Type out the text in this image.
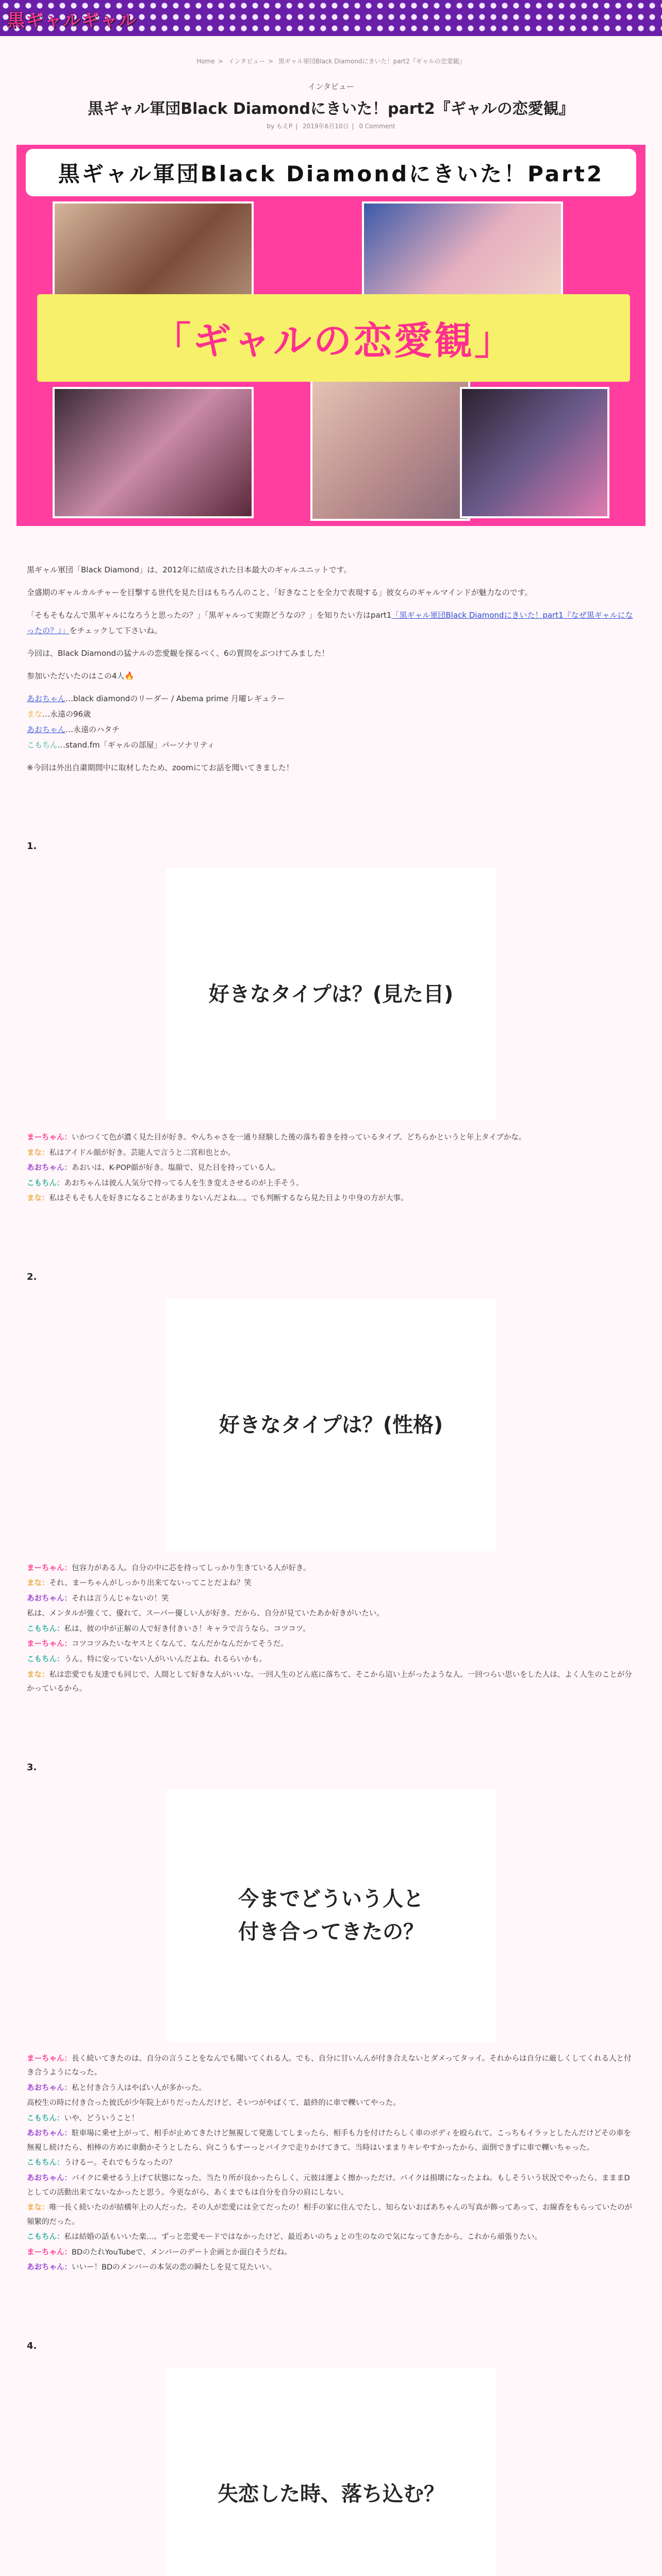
黒ギャルギャル
Home > インタビュー > 黒ギャル軍団Black Diamondにきいた！part2『ギャルの恋愛観』
インタビュー
黒ギャル軍団Black Diamondにきいた！part2『ギャルの恋愛観』
by もえP | 2019年6月10日 | 0 Comment
黒ギャル軍団Black Diamondにきいた！Part2
「ギャルの恋愛観」

黒ギャル軍団「Black Diamond」は、2012年に結成された日本最大のギャルユニットです。

全盛期のギャルカルチャーを目撃する世代を見た目はもちろんのこと、「好きなことを全力で表現する」彼女らのギャルマインドが魅力なのです。

「そもそもなんで黒ギャルになろうと思ったの？」「黒ギャルって実際どうなの？」を知りたい方はpart1「黒ギャル軍団Black Diamondにきいた！part1『なぜ黒ギャルになったの？』」をチェックして下さいね。

今回は、Black Diamondの猛ナルの恋愛観を探るべく、6の質問をぶつけてみました！

参加いただいたのはこの4人🔥

あおちゃん…black diamondのリーダー / Abema prime 月曜レギュラー
まな…永遠の96歳
あおちゃん…永遠のハタチ
こもちん…stand.fm「ギャルの部屋」パーソナリティ

※今回は外出自粛期間中に取材したため、zoomにてお話を聞いてきました！

1.
好きなタイプは？(見た目)
まーちゃん：いかつくて色が濃く見た目が好き。やんちゃさを一通り経験した後の落ち着きを持っているタイプ。どちらかというと年上タイプかな。
まな：私はアイドル顔が好き。芸能人で言うと二宮和也とか。
あおちゃん：あおいは、K-POP顔が好き。塩顔で、見た目を持っている人。
こもちん：あおちゃんは彼ん人気分で持ってる人を生き変えさせるのが上手そう。
まな：私はそもそも人を好きになることがあまりないんだよね…。でも判断するなら見た目より中身の方が大事。
2.
好きなタイプは？(性格)
まーちゃん：包容力がある人。自分の中に芯を持ってしっかり生きている人が好き。
まな：それ、まーちゃんがしっかり出来てないってことだよね？笑
あおちゃん：それは言うんじゃないの！笑
私は、メンタルが強くて、優れて、スーパー優しい人が好き。だから、自分が見ていたあか好きがいたい。
こもちん：私は、彼の中が正解の人で好き付きいさ！キャラで言うなら、コツコツ。
まーちゃん：コツコツみたいなヤスとくなんて、なんだかなんだかてそうだ。
こもちん：うん。特に安っていない人がいいんだよね。れるらいかも。
まな：私は恋愛でも友達でも同じで、人間として好きな人がいいな。一回人生のどん底に落ちて、そこから這い上がったような人。一回つらい思いをした人は、よく人生のことが分かっているから。
3.
今までどういう人と
付き合ってきたの？
まーちゃん：長く続いてきたのは、自分の言うことをなんでも聞いてくれる人。でも、自分に甘いんんが付き合えないとダメってタッイ。それからは自分に厳しくしてくれる人と付き合うようになった。
あおちゃん：私と付き合う人はやばい人が多かった。
高校生の時に付き合った彼氏が少年院上がりだったんだけど、そいつがやばくて、最終的に車で轢いてやった。
こもちん：いや、どういうこと！
あおちゃん：駐車場に乗せ上がって、相手が止めてきたけど無視して発進してしまったら、相手も力を付けたらしく車のボディを殴られて。こっちもイラッとしたんだけどその車を無視し続けたら、相棒の方めに車動かそうとしたら、向こうもすーっとバイクで走りかけてきて。当時はいままりキレやすかったから、面倒できずに車で轢いちゃった。
こもちん：うけるー。それでもうなったの？
あおちゃん：バイクに乗せるう上げて状態になった。当たり所が良かったらしく、元彼は運よく擦かっただけ。バイクは損壊になったよね。もしそういう状況でやったら、まままDとしての活動出来てないなかったと思う。今更ながら、あくまでもは自分を自分の肩にしない。
まな：唯一長く続いたのが結構年上の人だった。その人が恋愛には全てだったの！相手の家に住んでたし、知らないおばあちゃんの写真が飾ってあって、お線香をもらっていたのが頻繁的だった。
こもちん：私は結婚の話もいいた楽…。ずっと恋愛モードではなかったけど、最近あいのちょとの生のなので気になってきたから、これから頑張りたい。
まーちゃん：BDのたれYouTubeで、メンバーのデート企画とか面白そうだね。
あおちゃん：いいー！BDのメンバーの本気の恋の瞬たしを見て見たいい。
4.
失恋した時、落ち込む？
